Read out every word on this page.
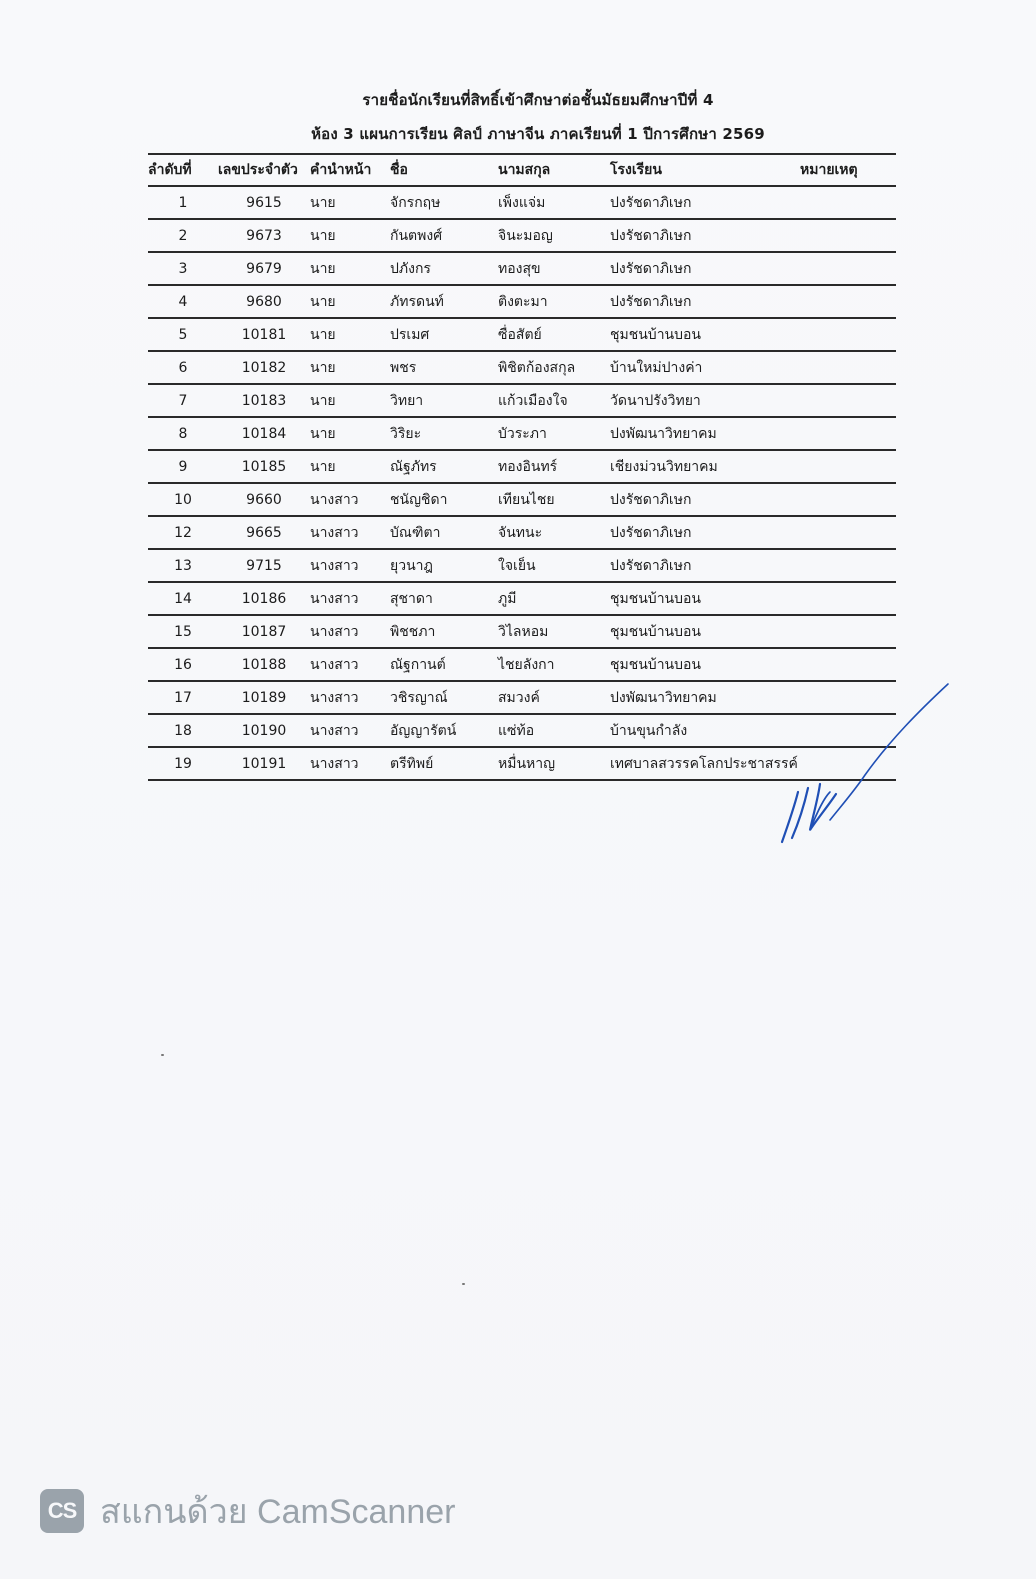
รายชื่อนักเรียนที่สิทธิ์เข้าศึกษาต่อชั้นมัธยมศึกษาปีที่ 4
ห้อง 3 แผนการเรียน ศิลป์ ภาษาจีน ภาคเรียนที่ 1 ปีการศึกษา 2569
ลำดับที่	เลขประจำตัว	คำนำหน้า	ชื่อ	นามสกุล	โรงเรียน	หมายเหตุ
1	9615	นาย	จักรกฤษ	เพ็งแจ่ม	ปงรัชดาภิเษก	
2	9673	นาย	กันตพงศ์	จินะมอญ	ปงรัชดาภิเษก	
3	9679	นาย	ปภังกร	ทองสุข	ปงรัชดาภิเษก	
4	9680	นาย	ภัทรดนท์	ติงตะมา	ปงรัชดาภิเษก	
5	10181	นาย	ปรเมศ	ซื่อสัตย์	ชุมชนบ้านบอน	
6	10182	นาย	พชร	พิชิตก้องสกุล	บ้านใหม่ปางค่า	
7	10183	นาย	วิทยา	แก้วเมืองใจ	วัดนาปรังวิทยา	
8	10184	นาย	วิริยะ	บัวระภา	ปงพัฒนาวิทยาคม	
9	10185	นาย	ณัฐภัทร	ทองอินทร์	เชียงม่วนวิทยาคม	
10	9660	นางสาว	ชนัญชิดา	เทียนไชย	ปงรัชดาภิเษก	
12	9665	นางสาว	บัณฑิตา	จันทนะ	ปงรัชดาภิเษก	
13	9715	นางสาว	ยุวนาฎ	ใจเย็น	ปงรัชดาภิเษก	
14	10186	นางสาว	สุชาดา	ภูมี	ชุมชนบ้านบอน	
15	10187	นางสาว	พิชชภา	วิไลหอม	ชุมชนบ้านบอน	
16	10188	นางสาว	ณัฐกานต์	ไชยลังกา	ชุมชนบ้านบอน	
17	10189	นางสาว	วชิรญาณ์	สมวงค์	ปงพัฒนาวิทยาคม	
18	10190	นางสาว	อัญญารัตน์	แซ่ท้อ	บ้านขุนกำลัง	
19	10191	นางสาว	ตรีทิพย์	หมื่นหาญ	เทศบาลสวรรคโลกประชาสรรค์	
CS สแกนด้วย CamScanner
